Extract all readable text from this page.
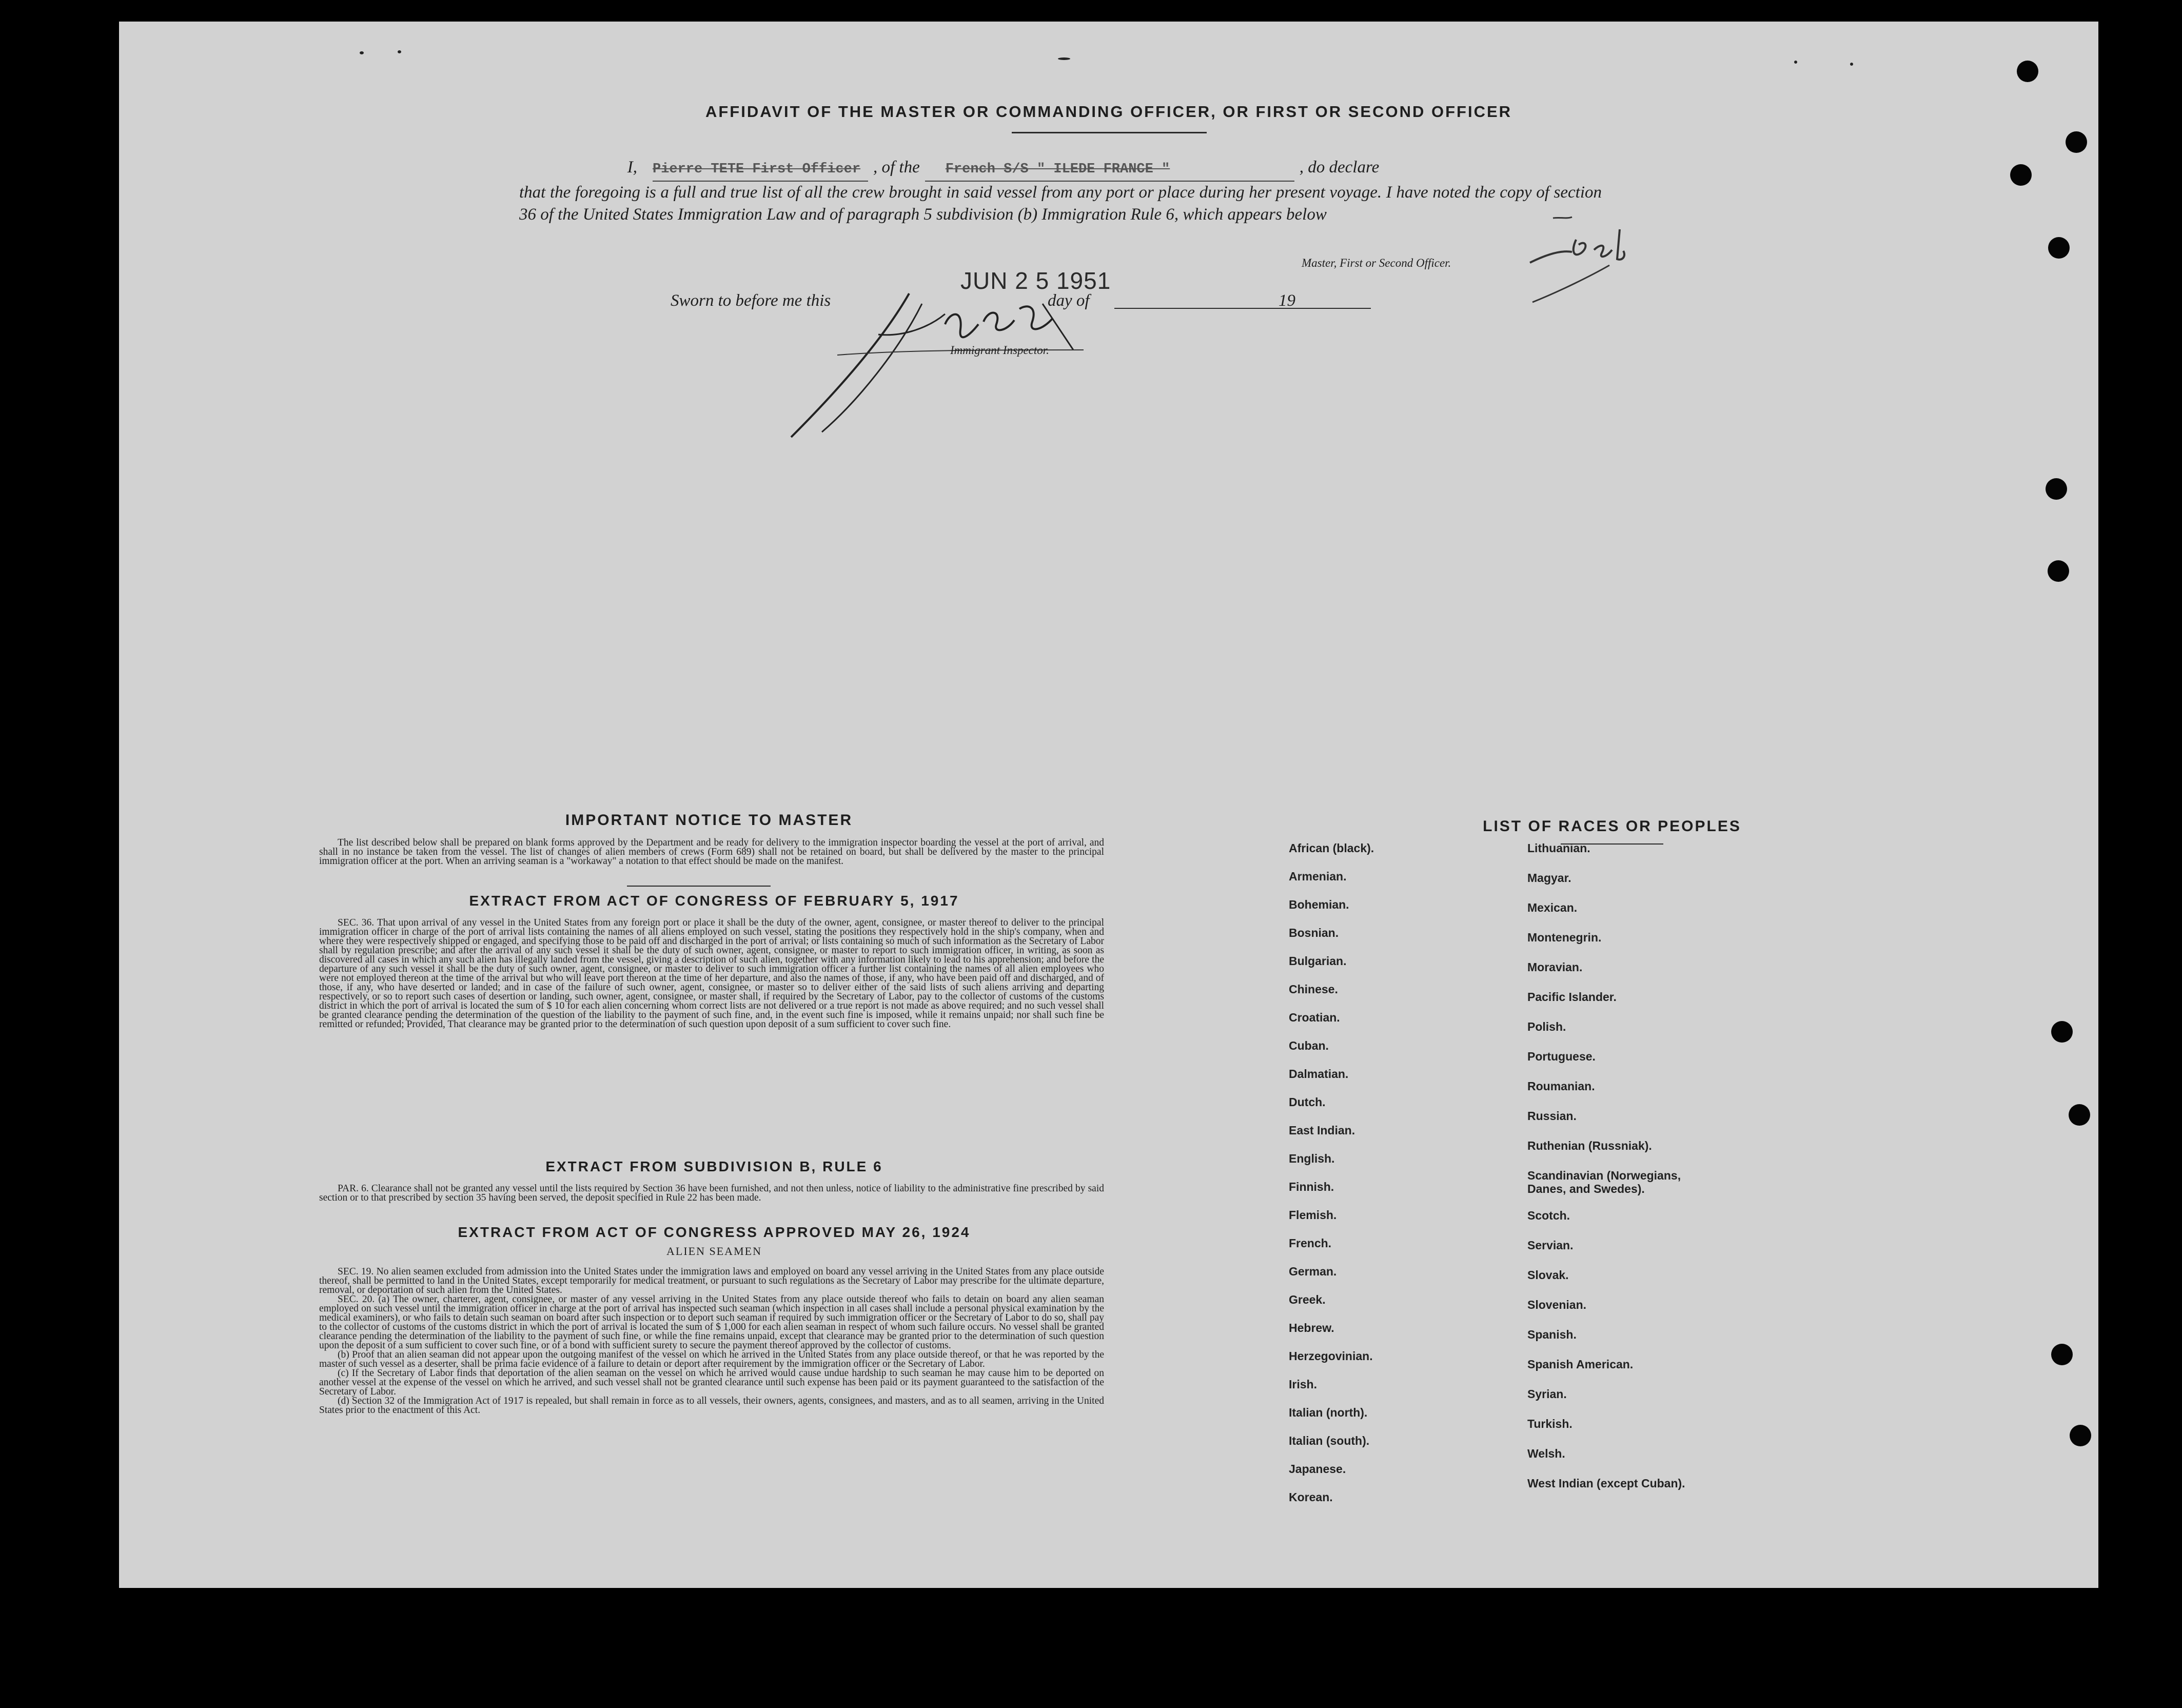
AFFIDAVIT OF THE MASTER OR COMMANDING OFFICER, OR FIRST OR SECOND OFFICER
I,	Pierre TETE First Officer , of the	French S/S " ILEDE FRANCE "	, do declare
that the foregoing is a full and true list of all the crew brought in said vessel from any port or place during her present voyage. I have noted the copy of section 36 of the United States Immigration Law and of paragraph 5 subdivision (b) Immigration Rule 6, which appears below
Master, First or Second Officer.
Sworn to before me this	day of	19
JUN 2 5 1951
Immigrant Inspector.
IMPORTANT NOTICE TO MASTER

The list described below shall be prepared on blank forms approved by the Department and be ready for delivery to the immigration inspector boarding the vessel at the port of arrival, and shall in no instance be taken from the vessel. The list of changes of alien members of crews (Form 689) shall not be retained on board, but shall be delivered by the master to the principal immigration officer at the port. When an arriving seaman is a "workaway" a notation to that effect should be made on the manifest.

EXTRACT FROM ACT OF CONGRESS OF FEBRUARY 5, 1917

SEC. 36. That upon arrival of any vessel in the United States from any foreign port or place it shall be the duty of the owner, agent, consignee, or master thereof to deliver to the principal immigration officer in charge of the port of arrival lists containing the names of all aliens employed on such vessel, stating the positions they respectively hold in the ship's company, when and where they were respectively shipped or engaged, and specifying those to be paid off and discharged in the port of arrival; or lists containing so much of such information as the Secretary of Labor shall by regulation prescribe; and after the arrival of any such vessel it shall be the duty of such owner, agent, consignee, or master to report to such immigration officer, in writing, as soon as discovered all cases in which any such alien has illegally landed from the vessel, giving a description of such alien, together with any information likely to lead to his apprehension; and before the departure of any such vessel it shall be the duty of such owner, agent, consignee, or master to deliver to such immigration officer a further list containing the names of all alien employees who were not employed thereon at the time of the arrival but who will leave port thereon at the time of her departure, and also the names of those, if any, who have been paid off and discharged, and of those, if any, who have deserted or landed; and in case of the failure of such owner, agent, consignee, or master so to deliver either of the said lists of such aliens arriving and departing respectively, or so to report such cases of desertion or landing, such owner, agent, consignee, or master shall, if required by the Secretary of Labor, pay to the collector of customs of the customs district in which the port of arrival is located the sum of $ 10 for each alien concerning whom correct lists are not delivered or a true report is not made as above required; and no such vessel shall be granted clearance pending the determination of the question of the liability to the payment of such fine, and, in the event such fine is imposed, while it remains unpaid; nor shall such fine be remitted or refunded; Provided, That clearance may be granted prior to the determination of such question upon deposit of a sum sufficient to cover such fine.

EXTRACT FROM SUBDIVISION B, RULE 6

PAR. 6. Clearance shall not be granted any vessel until the lists required by Section 36 have been furnished, and not then unless, notice of liability to the administrative fine prescribed by said section or to that prescribed by section 35 having been served, the deposit specified in Rule 22 has been made.

EXTRACT FROM ACT OF CONGRESS APPROVED MAY 26, 1924
ALIEN SEAMEN

SEC. 19. No alien seamen excluded from admission into the United States under the immigration laws and employed on board any vessel arriving in the United States from any place outside thereof, shall be permitted to land in the United States, except temporarily for medical treatment, or pursuant to such regulations as the Secretary of Labor may prescribe for the ultimate departure, removal, or deportation of such alien from the United States.

SEC. 20. (a) The owner, charterer, agent, consignee, or master of any vessel arriving in the United States from any place outside thereof who fails to detain on board any alien seaman employed on such vessel until the immigration officer in charge at the port of arrival has inspected such seaman (which inspection in all cases shall include a personal physical examination by the medical examiners), or who fails to detain such seaman on board after such inspection or to deport such seaman if required by such immigration officer or the Secretary of Labor to do so, shall pay to the collector of customs of the customs district in which the port of arrival is located the sum of $ 1,000 for each alien seaman in respect of whom such failure occurs. No vessel shall be granted clearance pending the determination of the liability to the payment of such fine, or while the fine remains unpaid, except that clearance may be granted prior to the determination of such question upon the deposit of a sum sufficient to cover such fine, or of a bond with sufficient surety to secure the payment thereof approved by the collector of customs.

(b) Proof that an alien seaman did not appear upon the outgoing manifest of the vessel on which he arrived in the United States from any place outside thereof, or that he was reported by the master of such vessel as a deserter, shall be prima facie evidence of a failure to detain or deport after requirement by the immigration officer or the Secretary of Labor.

(c) If the Secretary of Labor finds that deportation of the alien seaman on the vessel on which he arrived would cause undue hardship to such seaman he may cause him to be deported on another vessel at the expense of the vessel on which he arrived, and such vessel shall not be granted clearance until such expense has been paid or its payment guaranteed to the satisfaction of the Secretary of Labor.

(d) Section 32 of the Immigration Act of 1917 is repealed, but shall remain in force as to all vessels, their owners, agents, consignees, and masters, and as to all seamen, arriving in the United States prior to the enactment of this Act.

LIST OF RACES OR PEOPLES
African (black).
Armenian.
Bohemian.
Bosnian.
Bulgarian.
Chinese.
Croatian.
Cuban.
Dalmatian.
Dutch.
East Indian.
English.
Finnish.
Flemish.
French.
German.
Greek.
Hebrew.
Herzegovinian.
Irish.
Italian (north).
Italian (south).
Japanese.
Korean.
Lithuanian.
Magyar.
Mexican.
Montenegrin.
Moravian.
Pacific Islander.
Polish.
Portuguese.
Roumanian.
Russian.
Ruthenian (Russniak).
Scandinavian (Norwegians, Danes, and Swedes).
Scotch.
Servian.
Slovak.
Slovenian.
Spanish.
Spanish American.
Syrian.
Turkish.
Welsh.
West Indian (except Cuban).
